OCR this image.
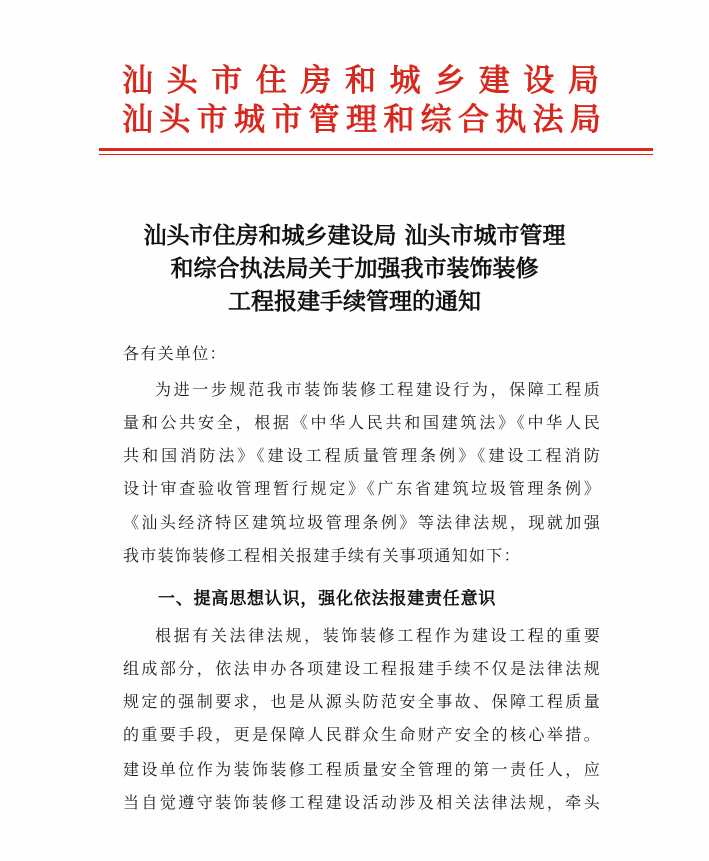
汕头市住房和城乡建设局
汕头市城市管理和综合执法局
汕头市住房和城乡建设局 汕头市城市管理
和综合执法局关于加强我市装饰装修
工程报建手续管理的通知
各有关单位：
为进一步规范我市装饰装修工程建设行为，保障工程质
量和公共安全，根据《中华人民共和国建筑法》《中华人民
共和国消防法》《建设工程质量管理条例》《建设工程消防
设计审查验收管理暂行规定》《广东省建筑垃圾管理条例》
《汕头经济特区建筑垃圾管理条例》等法律法规，现就加强
我市装饰装修工程相关报建手续有关事项通知如下：
一、提高思想认识，强化依法报建责任意识
根据有关法律法规，装饰装修工程作为建设工程的重要
组成部分，依法申办各项建设工程报建手续不仅是法律法规
规定的强制要求，也是从源头防范安全事故、保障工程质量
的重要手段，更是保障人民群众生命财产安全的核心举措。
建设单位作为装饰装修工程质量安全管理的第一责任人，应
当自觉遵守装饰装修工程建设活动涉及相关法律法规，牵头
